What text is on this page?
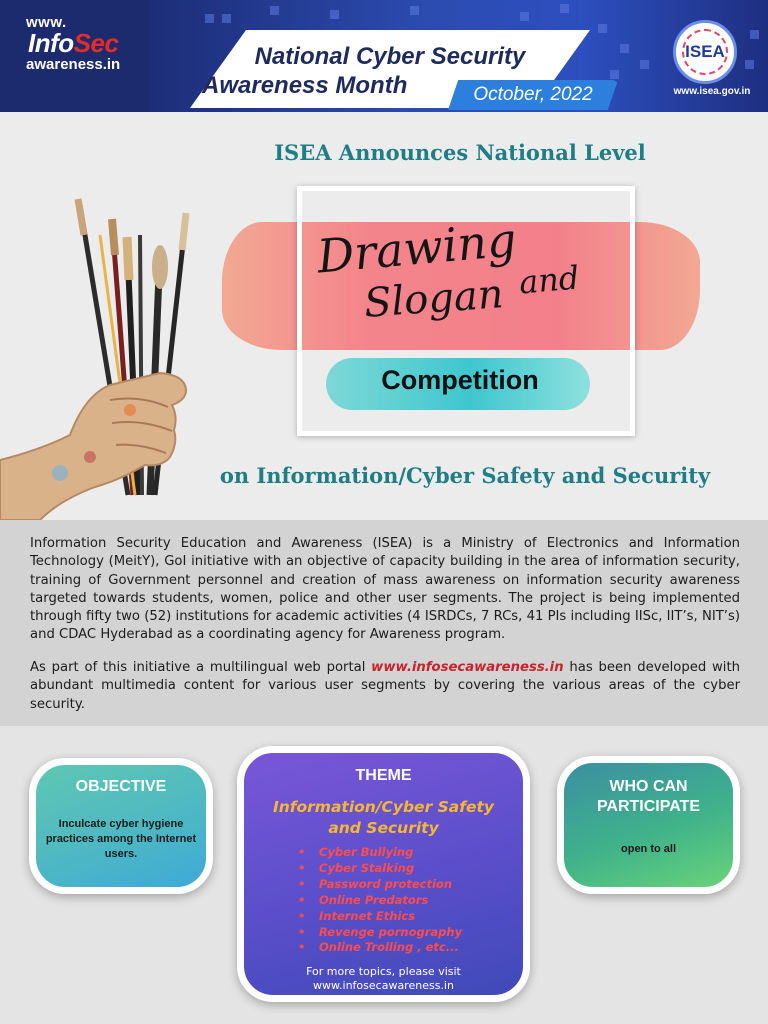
www.
InfoSec
awareness.in	National Cyber Security
Awareness Month	October, 2022
ISEA
www.isea.gov.in
ISEA Announces National Level
Drawing
Slogan and
Competition
on Information/Cyber Safety and Security

Information Security Education and Awareness (ISEA) is a Ministry of Electronics and Information Technology (MeitY), GoI initiative with an objective of capacity building in the area of information security, training of Government personnel and creation of mass awareness on information security awareness targeted towards students, women, police and other user segments. The project is being implemented through fifty two (52) institutions for academic activities (4 ISRDCs, 7 RCs, 41 PIs including IISc, IIT’s, NIT’s) and CDAC Hyderabad as a coordinating agency for Awareness program.

As part of this initiative a multilingual web portal www.infosecawareness.in has been developed with abundant multimedia content for various user segments by covering the various areas of the cyber security.

OBJECTIVE
Inculcate cyber hygiene practices among the Internet users.
THEME
Information/Cyber Safety and Security
• Cyber Bullying
• Cyber Stalking
• Password protection
• Online Predators
• Internet Ethics
• Revenge pornography
• Online Trolling , etc...
For more topics, please visit
www.infosecawareness.in
WHO CAN
PARTICIPATE
open to all
